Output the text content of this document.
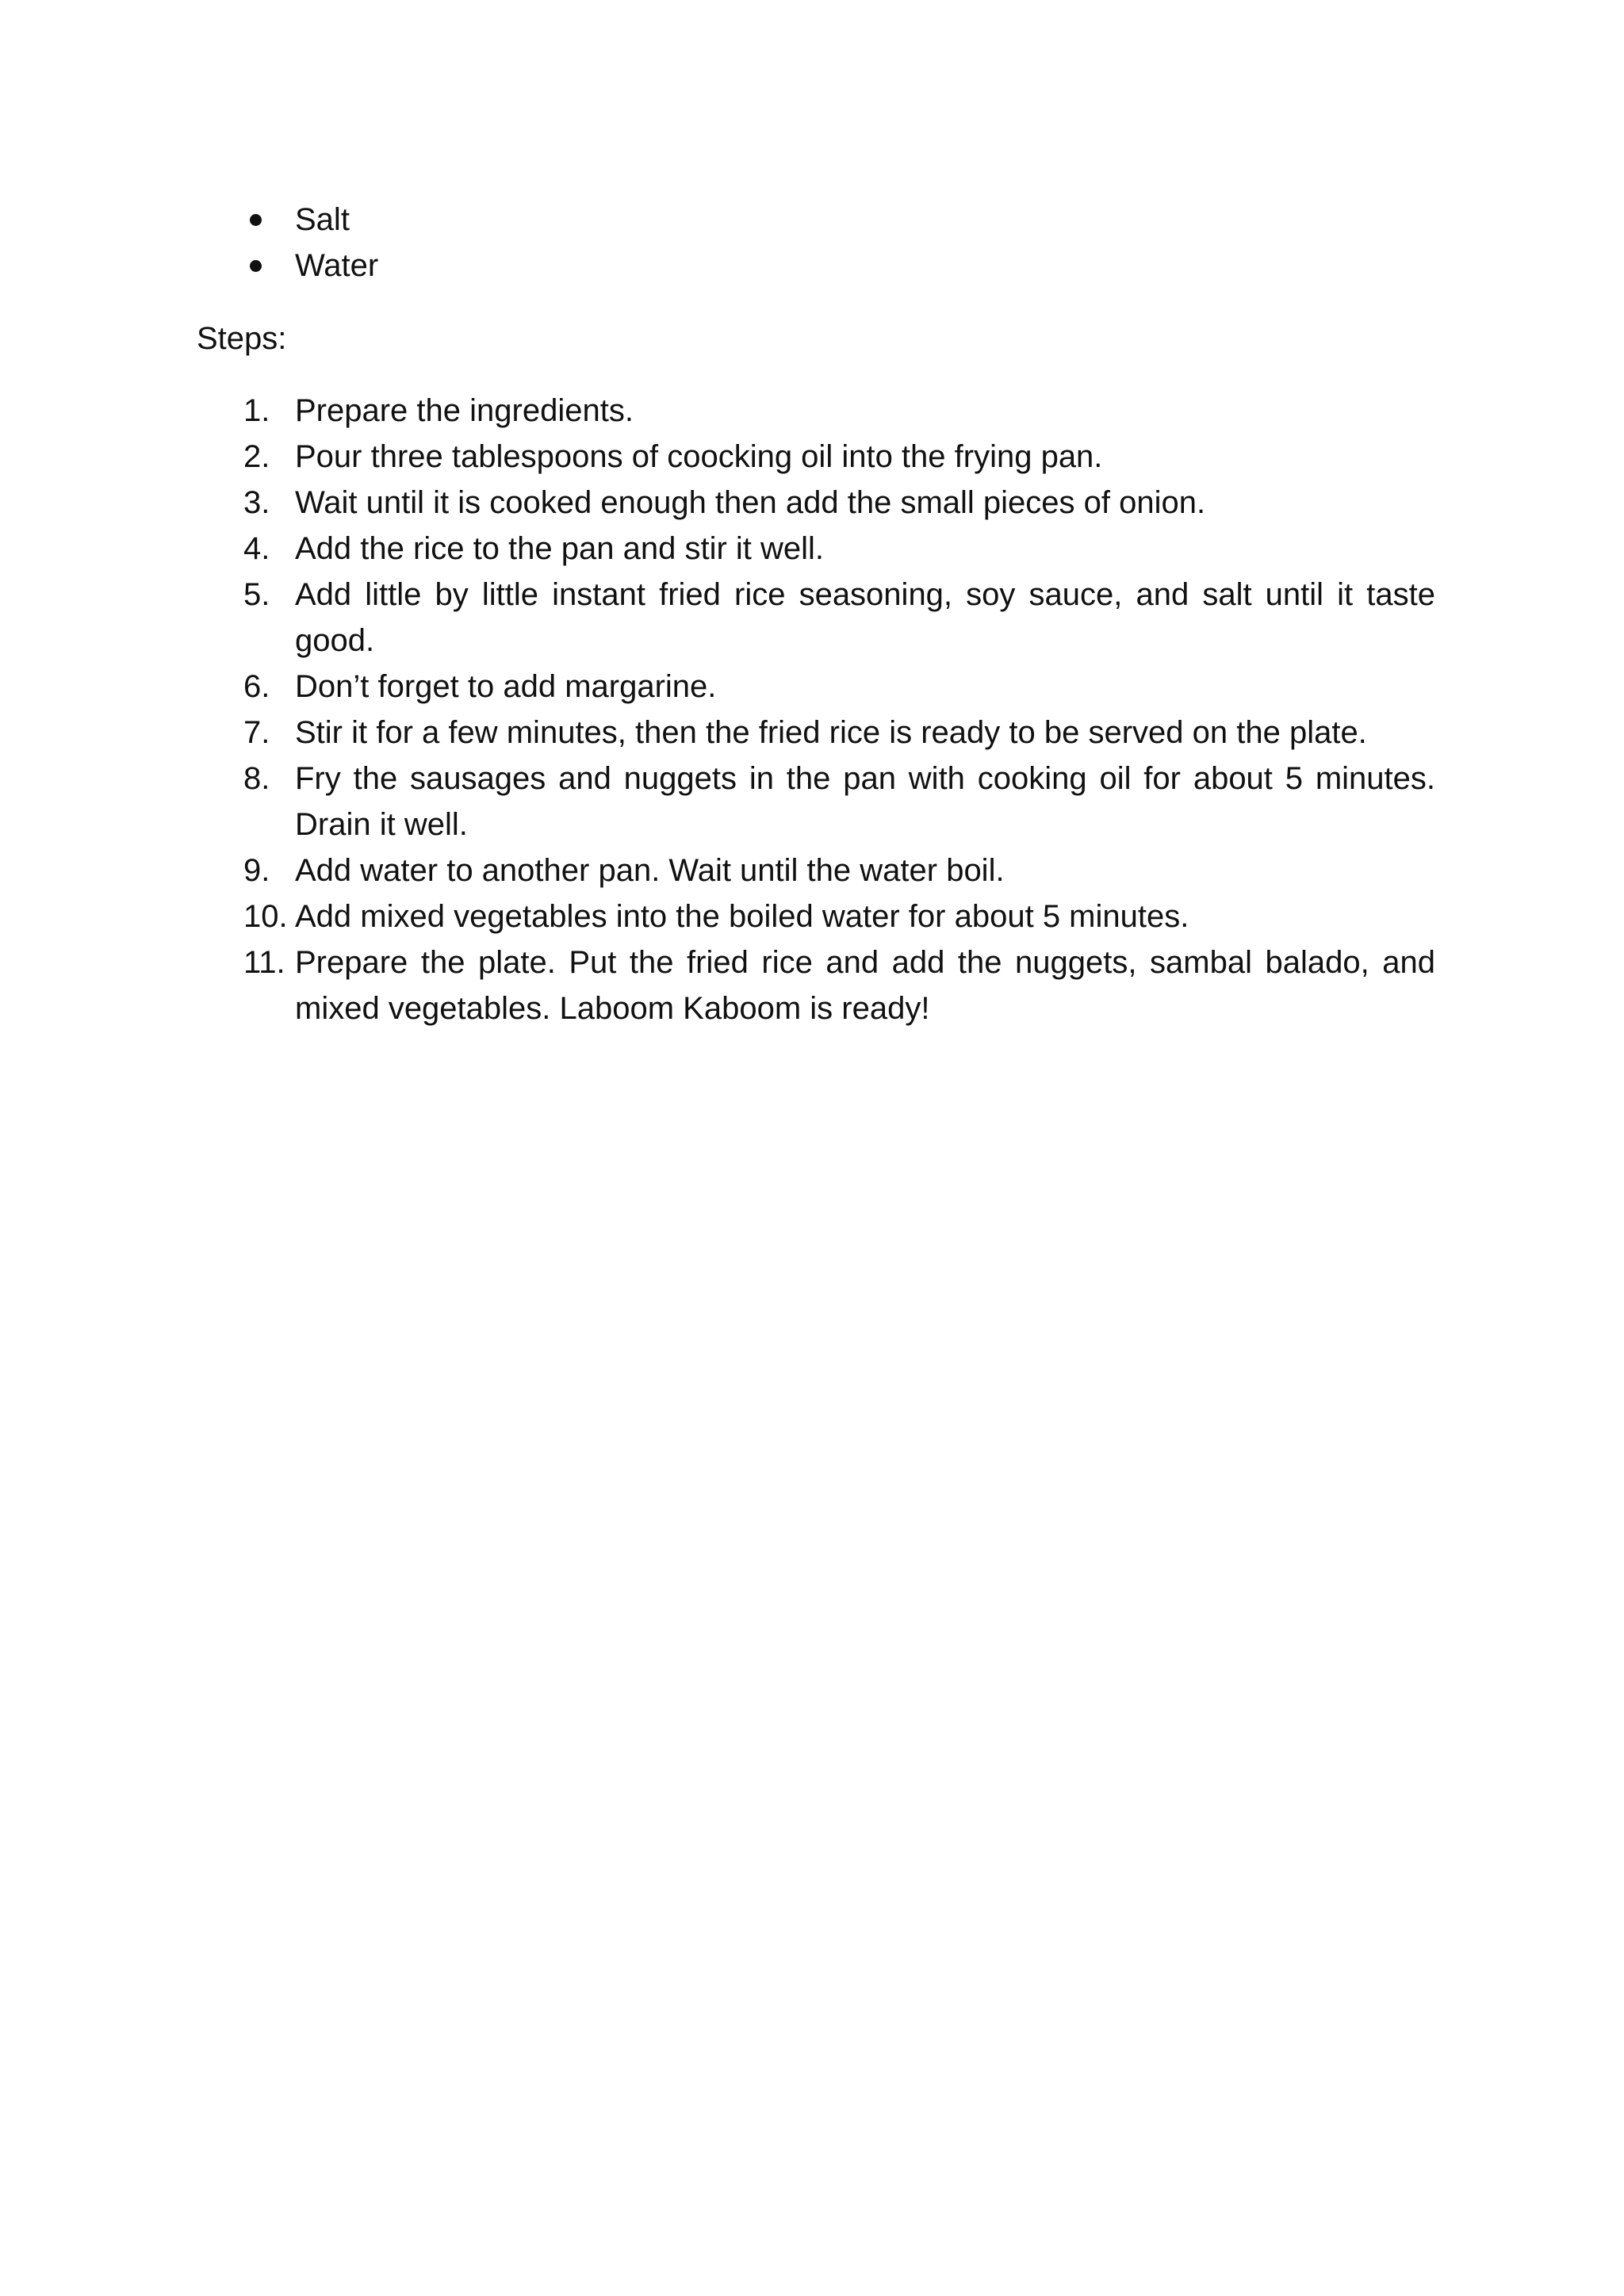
Salt
Water

Steps:

1. Prepare the ingredients.
2. Pour three tablespoons of coocking oil into the frying pan.
3. Wait until it is cooked enough then add the small pieces of onion.
4. Add the rice to the pan and stir it well.
5. Add little by little instant fried rice seasoning, soy sauce, and salt until it taste good.
6. Don’t forget to add margarine.
7. Stir it for a few minutes, then the fried rice is ready to be served on the plate.
8. Fry the sausages and nuggets in the pan with cooking oil for about 5 minutes. Drain it well.
9. Add water to another pan. Wait until the water boil.
10. Add mixed vegetables into the boiled water for about 5 minutes.
11. Prepare the plate. Put the fried rice and add the nuggets, sambal balado, and mixed vegetables. Laboom Kaboom is ready!
